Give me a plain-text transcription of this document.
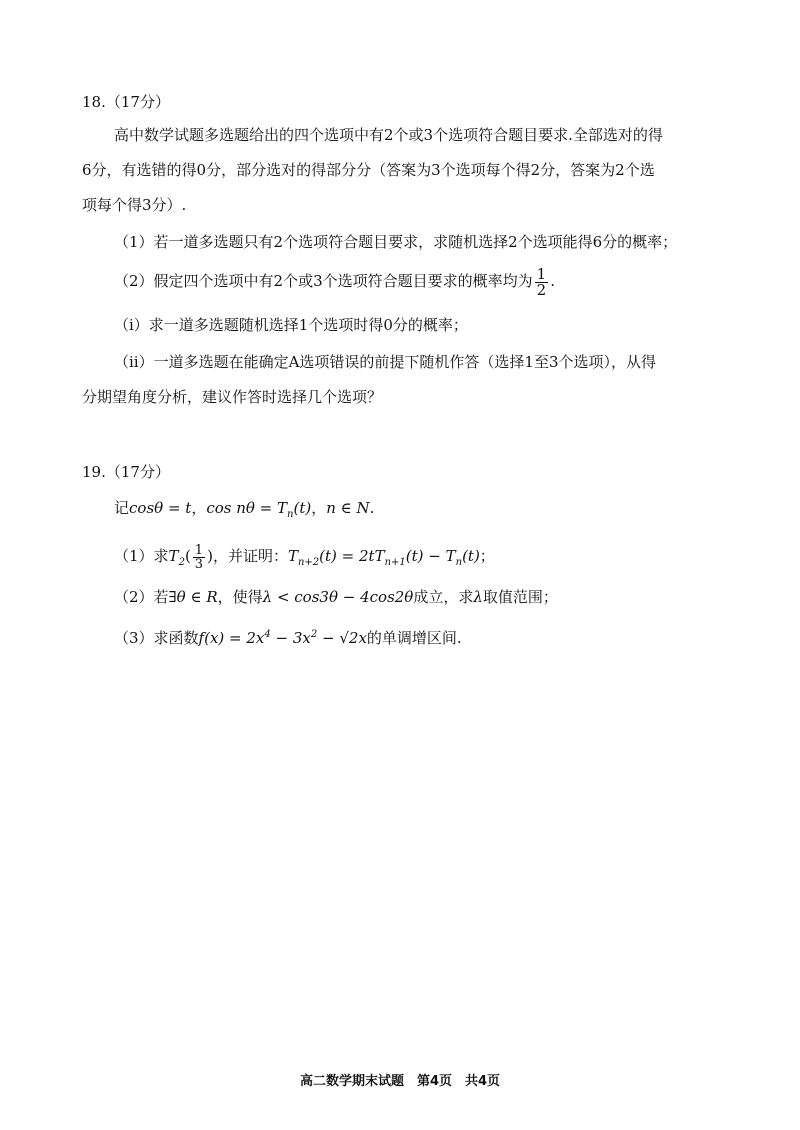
18.（17分）
高中数学试题多选题给出的四个选项中有2个或3个选项符合题目要求.全部选对的得
6分，有选错的得0分，部分选对的得部分分（答案为3个选项每个得2分，答案为2个选
项每个得3分）.
（1）若一道多选题只有2个选项符合题目要求，求随机选择2个选项能得6分的概率；
（2）假定四个选项中有2个或3个选项符合题目要求的概率均为 $\frac{1}{2}$ .
（ⅰ）求一道多选题随机选择1个选项时得0分的概率；
（ⅱ）一道多选题在能确定A选项错误的前提下随机作答（选择1至3个选项），从得
分期望角度分析，建议作答时选择几个选项？
19.（17分）
记cosθ = t，$\cos n\theta = T_n(t)$，n ∈ N.
（1）求$T_2( \frac{1}{3}$ )，并证明：$T_{n+2}(t) = 2tT_{n+1}(t) - T_n(t)$；
（2）若∃θ ∈ R，使得λ < cos3θ − 4cos2θ成立，求λ取值范围；
（3）求函数$f(x) = 2x^4 - 3x^2 - √2x$的单调增区间.
高二数学期末试题　第4页　共4页
